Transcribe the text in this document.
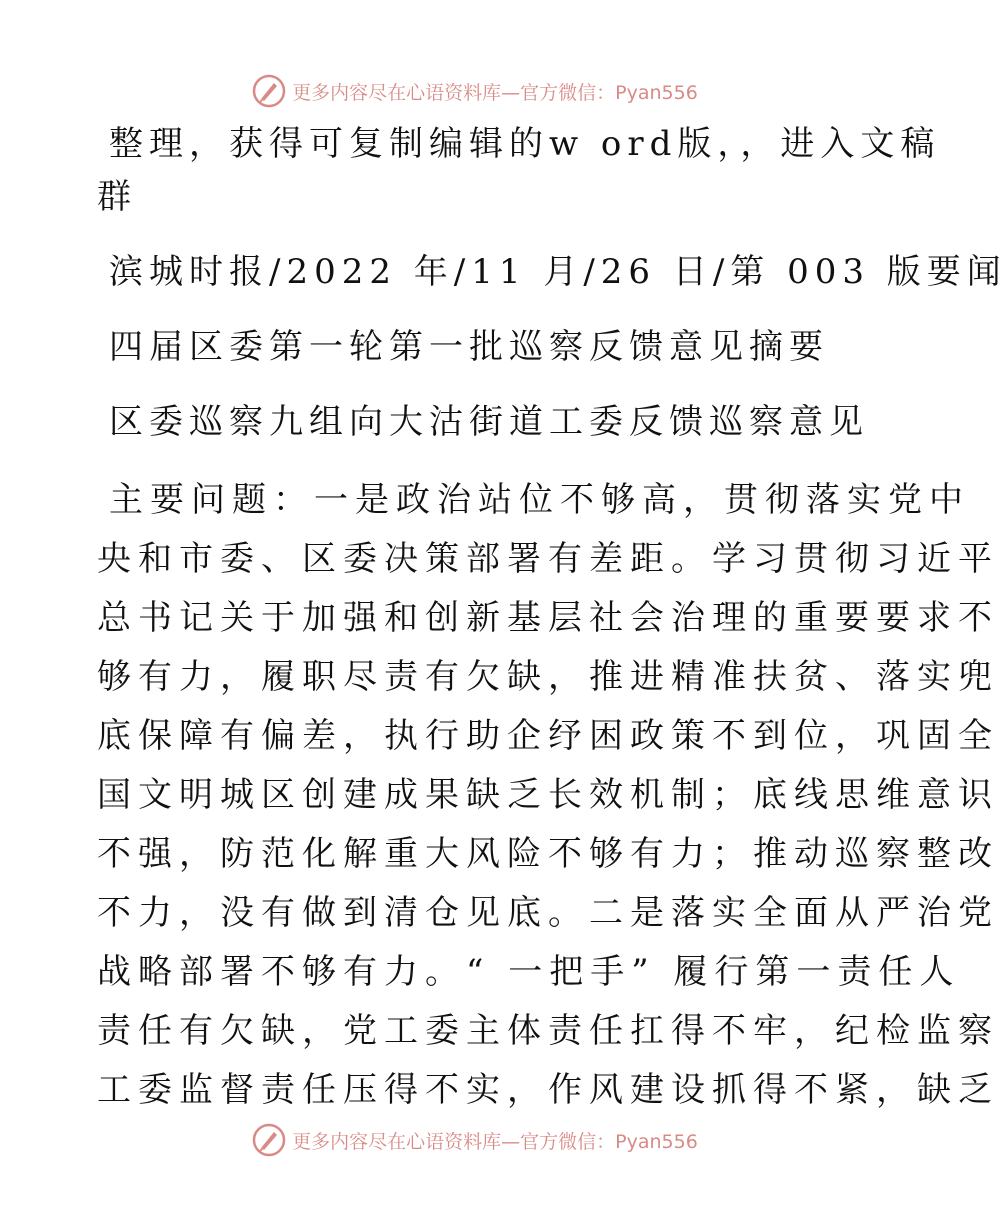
更多内容尽在心语资料库—官方微信：Pyan556
整理，获得可复制编辑的w ord版，，进入文稿
群
滨城时报/2022 年/11 月/26 日/第 003 版要闻
四届区委第一轮第一批巡察反馈意见摘要
区委巡察九组向大沽街道工委反馈巡察意见
主要问题：一是政治站位不够高，贯彻落实党中
央和市委、区委决策部署有差距。学习贯彻习近平
总书记关于加强和创新基层社会治理的重要要求不
够有力，履职尽责有欠缺，推进精准扶贫、落实兜
底保障有偏差，执行助企纾困政策不到位，巩固全
国文明城区创建成果缺乏长效机制；底线思维意识
不强，防范化解重大风险不够有力；推动巡察整改
不力，没有做到清仓见底。二是落实全面从严治党
战略部署不够有力。“ 一把手” 履行第一责任人
责任有欠缺，党工委主体责任扛得不牢，纪检监察
工委监督责任压得不实，作风建设抓得不紧，缺乏
更多内容尽在心语资料库—官方微信：Pyan556
